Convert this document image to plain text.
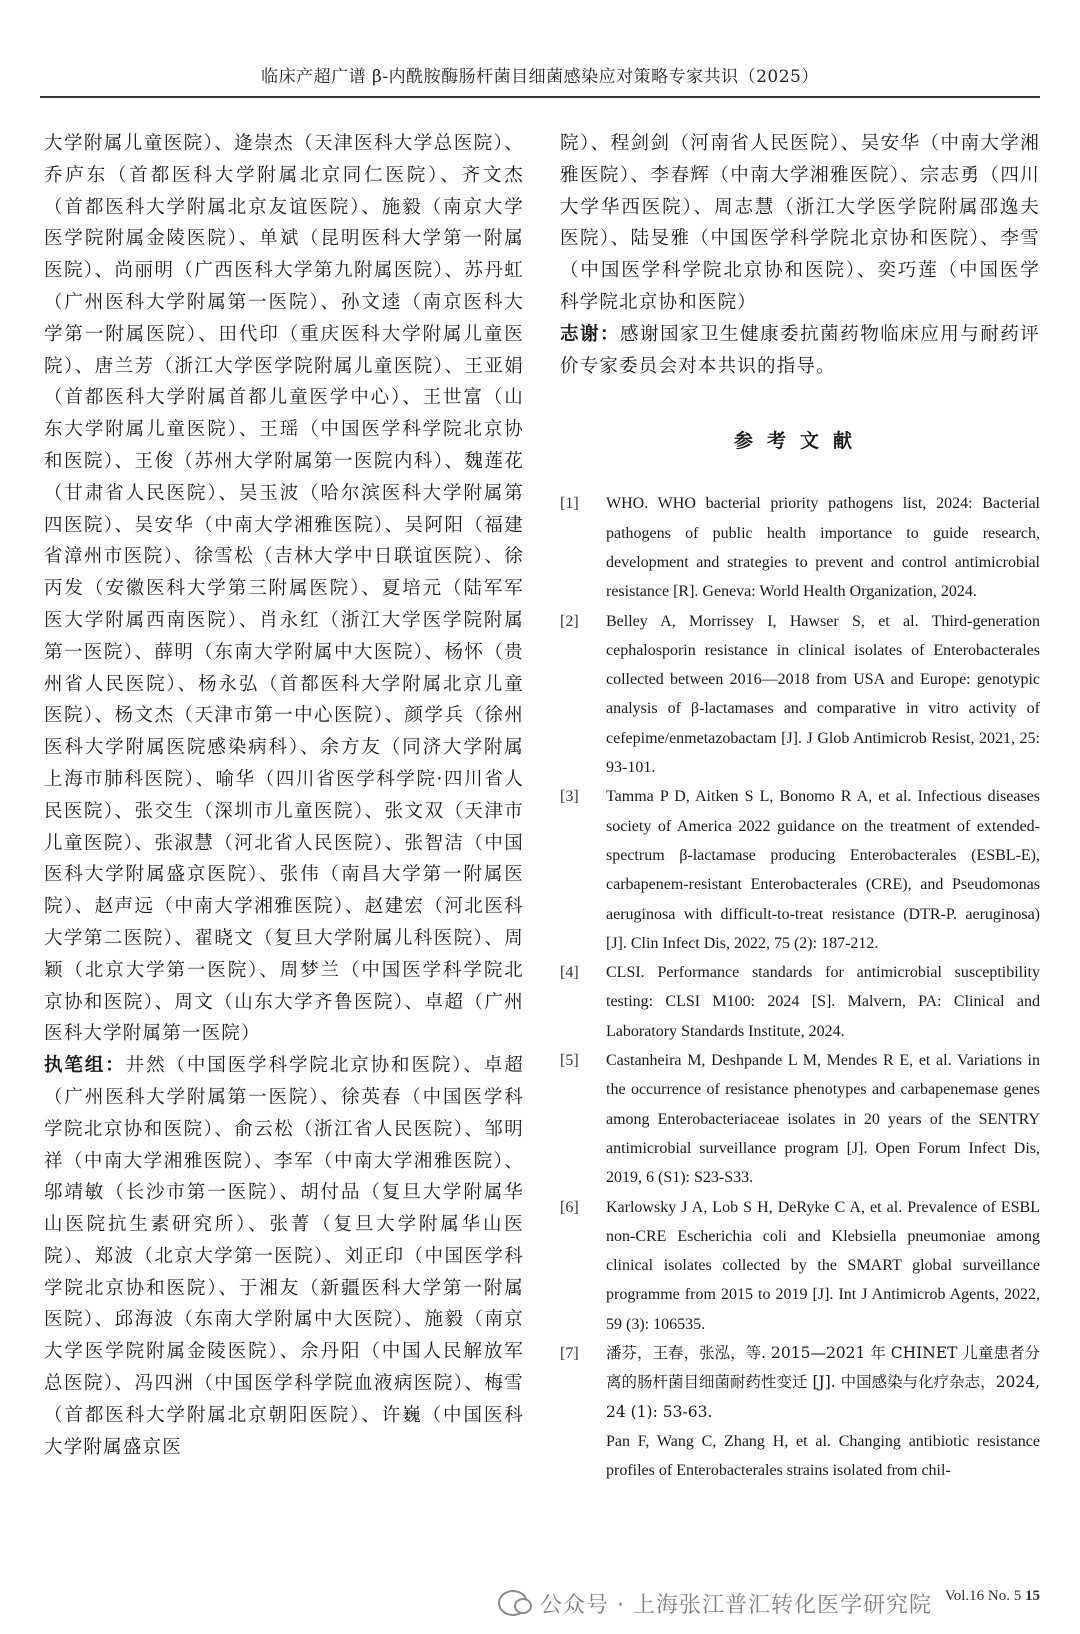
临床产超广谱 β-内酰胺酶肠杆菌目细菌感染应对策略专家共识（2025）

大学附属儿童医院）、逄崇杰（天津医科大学总医院）、乔庐东（首都医科大学附属北京同仁医院）、齐文杰（首都医科大学附属北京友谊医院）、施毅（南京大学医学院附属金陵医院）、单斌（昆明医科大学第一附属医院）、尚丽明（广西医科大学第九附属医院）、苏丹虹（广州医科大学附属第一医院）、孙文逵（南京医科大学第一附属医院）、田代印（重庆医科大学附属儿童医院）、唐兰芳（浙江大学医学院附属儿童医院）、王亚娟（首都医科大学附属首都儿童医学中心）、王世富（山东大学附属儿童医院）、王瑶（中国医学科学院北京协和医院）、王俊（苏州大学附属第一医院内科）、魏莲花（甘肃省人民医院）、吴玉波（哈尔滨医科大学附属第四医院）、吴安华（中南大学湘雅医院）、吴阿阳（福建省漳州市医院）、徐雪松（吉林大学中日联谊医院）、徐丙发（安徽医科大学第三附属医院）、夏培元（陆军军医大学附属西南医院）、肖永红（浙江大学医学院附属第一医院）、薛明（东南大学附属中大医院）、杨怀（贵州省人民医院）、杨永弘（首都医科大学附属北京儿童医院）、杨文杰（天津市第一中心医院）、颜学兵（徐州医科大学附属医院感染病科）、余方友（同济大学附属上海市肺科医院）、喻华（四川省医学科学院·四川省人民医院）、张交生（深圳市儿童医院）、张文双（天津市儿童医院）、张淑慧（河北省人民医院）、张智洁（中国医科大学附属盛京医院）、张伟（南昌大学第一附属医院）、赵声远（中南大学湘雅医院）、赵建宏（河北医科大学第二医院）、翟晓文（复旦大学附属儿科医院）、周颖（北京大学第一医院）、周梦兰（中国医学科学院北京协和医院）、周文（山东大学齐鲁医院）、卓超（广州医科大学附属第一医院）

执笔组：井然（中国医学科学院北京协和医院）、卓超（广州医科大学附属第一医院）、徐英春（中国医学科学院北京协和医院）、俞云松（浙江省人民医院）、邹明祥（中南大学湘雅医院）、李军（中南大学湘雅医院）、邬靖敏（长沙市第一医院）、胡付品（复旦大学附属华山医院抗生素研究所）、张菁（复旦大学附属华山医院）、郑波（北京大学第一医院）、刘正印（中国医学科学院北京协和医院）、于湘友（新疆医科大学第一附属医院）、邱海波（东南大学附属中大医院）、施毅（南京大学医学院附属金陵医院）、佘丹阳（中国人民解放军总医院）、冯四洲（中国医学科学院血液病医院）、梅雪（首都医科大学附属北京朝阳医院）、许巍（中国医科大学附属盛京医

院）、程剑剑（河南省人民医院）、吴安华（中南大学湘雅医院）、李春辉（中南大学湘雅医院）、宗志勇（四川大学华西医院）、周志慧（浙江大学医学院附属邵逸夫医院）、陆旻雅（中国医学科学院北京协和医院）、李雪（中国医学科学院北京协和医院）、奕巧莲（中国医学科学院北京协和医院）

志谢：感谢国家卫生健康委抗菌药物临床应用与耐药评价专家委员会对本共识的指导。

参考文献
[1]	WHO. WHO bacterial priority pathogens list, 2024: Bacterial pathogens of public health importance to guide research, development and strategies to prevent and control antimicrobial resistance [R]. Geneva: World Health Organization, 2024.
[2]	Belley A, Morrissey I, Hawser S, et al. Third-generation cephalosporin resistance in clinical isolates of Enterobacterales collected between 2016—2018 from USA and Europe: genotypic analysis of β-lactamases and comparative in vitro activity of cefepime/enmetazobactam [J]. J Glob Antimicrob Resist, 2021, 25: 93-101.
[3]	Tamma P D, Aitken S L, Bonomo R A, et al. Infectious diseases society of America 2022 guidance on the treatment of extended-spectrum β-lactamase producing Enterobacterales (ESBL-E), carbapenem-resistant Enterobacterales (CRE), and Pseudomonas aeruginosa with difficult-to-treat resistance (DTR-P. aeruginosa) [J]. Clin Infect Dis, 2022, 75 (2): 187-212.
[4]	CLSI. Performance standards for antimicrobial susceptibility testing: CLSI M100: 2024 [S]. Malvern, PA: Clinical and Laboratory Standards Institute, 2024.
[5]	Castanheira M, Deshpande L M, Mendes R E, et al. Variations in the occurrence of resistance phenotypes and carbapenemase genes among Enterobacteriaceae isolates in 20 years of the SENTRY antimicrobial surveillance program [J]. Open Forum Infect Dis, 2019, 6 (S1): S23-S33.
[6]	Karlowsky J A, Lob S H, DeRyke C A, et al. Prevalence of ESBL non-CRE Escherichia coli and Klebsiella pneumoniae among clinical isolates collected by the SMART global surveillance programme from 2015 to 2019 [J]. Int J Antimicrob Agents, 2022, 59 (3): 106535.
[7]	潘芬，王春，张泓，等. 2015—2021 年 CHINET 儿童患者分离的肠杆菌目细菌耐药性变迁 [J]. 中国感染与化疗杂志，2024, 24 (1): 53-63.
Pan F, Wang C, Zhang H, et al. Changing antibiotic resistance profiles of Enterobacterales strains isolated from chil-
公众号 · 上海张江普汇转化医学研究院 Vol.16 No. 5 15
